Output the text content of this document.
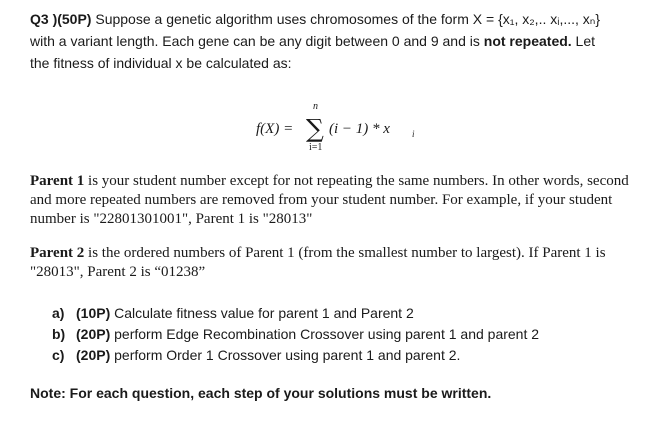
Q3 )(50P) Suppose a genetic algorithm uses chromosomes of the form X = {x₁, x₂,.. xᵢ,..., xₙ}
with a variant length. Each gene can be any digit between 0 and 9 and is not repeated. Let
the fitness of individual x be calculated as:
f(X) =
n
∑
i=1
(i − 1) * x i
Parent 1 is your student number except for not repeating the same numbers. In other words, second and more repeated numbers are removed from your student number. For example, if your student number is "22801301001", Parent 1 is "28013"
Parent 2 is the ordered numbers of Parent 1 (from the smallest number to largest). If Parent 1 is "28013", Parent 2 is “01238”
a) (10P) Calculate fitness value for parent 1 and Parent 2
b) (20P) perform Edge Recombination Crossover using parent 1 and parent 2
c) (20P) perform Order 1 Crossover using parent 1 and parent 2.
Note: For each question, each step of your solutions must be written.
